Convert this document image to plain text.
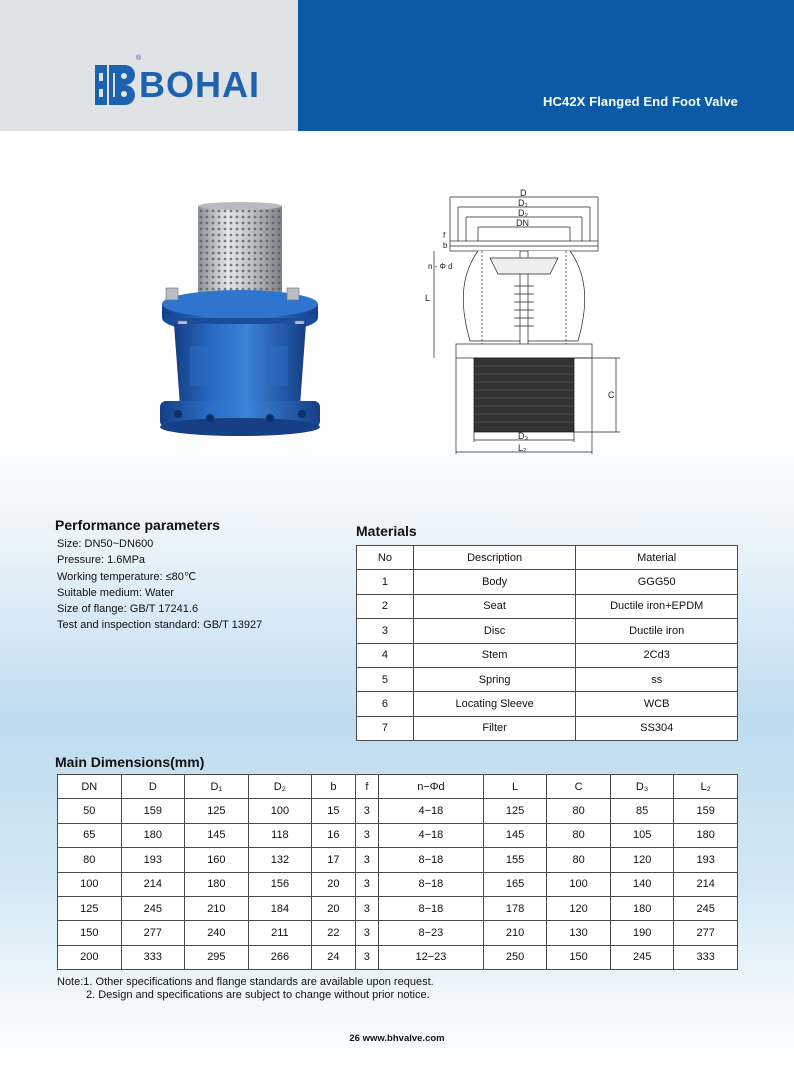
HC42X Flanged End Foot Valve
BOHAI
®
D
D₁
D₂
DN
f
b
n - Φ d
L
C
D₃
L₂
Performance parameters
Size: DN50~DN600
Pressure: 1.6MPa
Working temperature: ≤80℃
Suitable medium: Water
Size of flange: GB/T 17241.6
Test and inspection standard: GB/T 13927
Materials
No	Description	Material
1	Body	GGG50
2	Seat	Ductile iron+EPDM
3	Disc	Ductile iron
4	Stem	2Cd3
5	Spring	ss
6	Locating Sleeve	WCB
7	Filter	SS304
Main Dimensions(mm)
DN	D	D₁	D₂	b	f	n−Φd	L	C	D₃	L₂
50	159	125	100	15	3	4−18	125	80	85	159
65	180	145	118	16	3	4−18	145	80	105	180
80	193	160	132	17	3	8−18	155	80	120	193
100	214	180	156	20	3	8−18	165	100	140	214
125	245	210	184	20	3	8−18	178	120	180	245
150	277	240	211	22	3	8−23	210	130	190	277
200	333	295	266	24	3	12−23	250	150	245	333
Note:1. Other specifications and flange standards are available upon request.
2. Design and specifications are subject to change without prior notice.
26 www.bhvalve.com
